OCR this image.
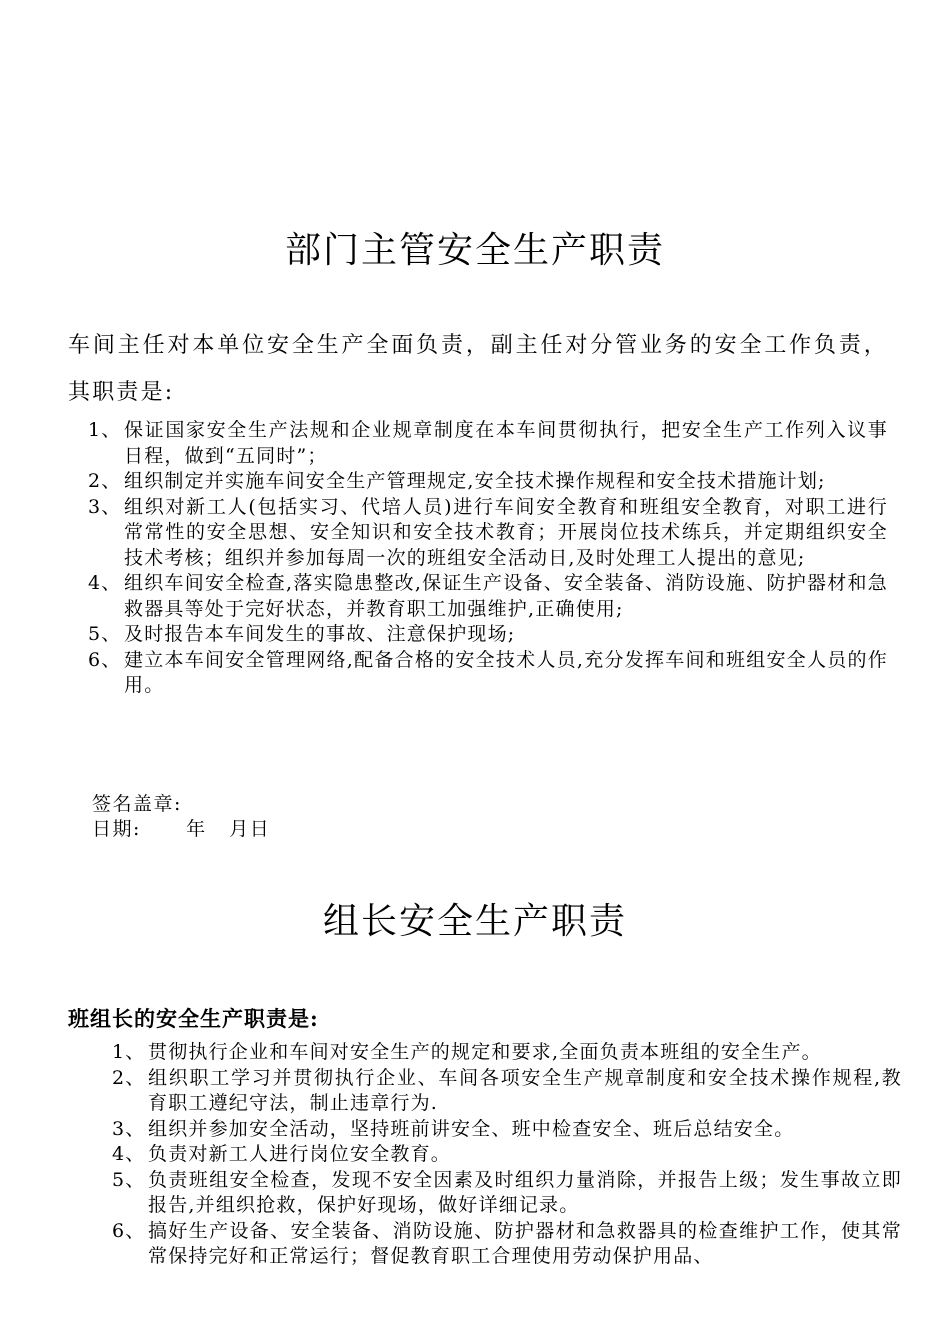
部门主管安全生产职责
车间主任对本单位安全生产全面负责，副主任对分管业务的安全工作负责，其职责是:
1、 保证国家安全生产法规和企业规章制度在本车间贯彻执行，把安全生产工作列入议事日程，做到“五同时”；
2、 组织制定并实施车间安全生产管理规定,安全技术操作规程和安全技术措施计划;
3、 组织对新工人(包括实习、代培人员)进行车间安全教育和班组安全教育，对职工进行常常性的安全思想、安全知识和安全技术教育；开展岗位技术练兵，并定期组织安全技术考核；组织并参加每周一次的班组安全活动日,及时处理工人提出的意见;
4、 组织车间安全检查,落实隐患整改,保证生产设备、安全装备、消防设施、防护器材和急救器具等处于完好状态，并教育职工加强维护,正确使用;
5、 及时报告本车间发生的事故、注意保护现场;
6、 建立本车间安全管理网络,配备合格的安全技术人员,充分发挥车间和班组安全人员的作用。
签名盖章:
日期:      年   月日
组长安全生产职责
班组长的安全生产职责是:
1、 贯彻执行企业和车间对安全生产的规定和要求,全面负责本班组的安全生产。
2、 组织职工学习并贯彻执行企业、车间各项安全生产规章制度和安全技术操作规程,教育职工遵纪守法，制止违章行为.
3、 组织并参加安全活动，坚持班前讲安全、班中检查安全、班后总结安全。
4、 负责对新工人进行岗位安全教育。
5、 负责班组安全检查，发现不安全因素及时组织力量消除，并报告上级；发生事故立即报告,并组织抢救，保护好现场，做好详细记录。
6、 搞好生产设备、安全装备、消防设施、防护器材和急救器具的检查维护工作，使其常常保持完好和正常运行；督促教育职工合理使用劳动保护用品、
